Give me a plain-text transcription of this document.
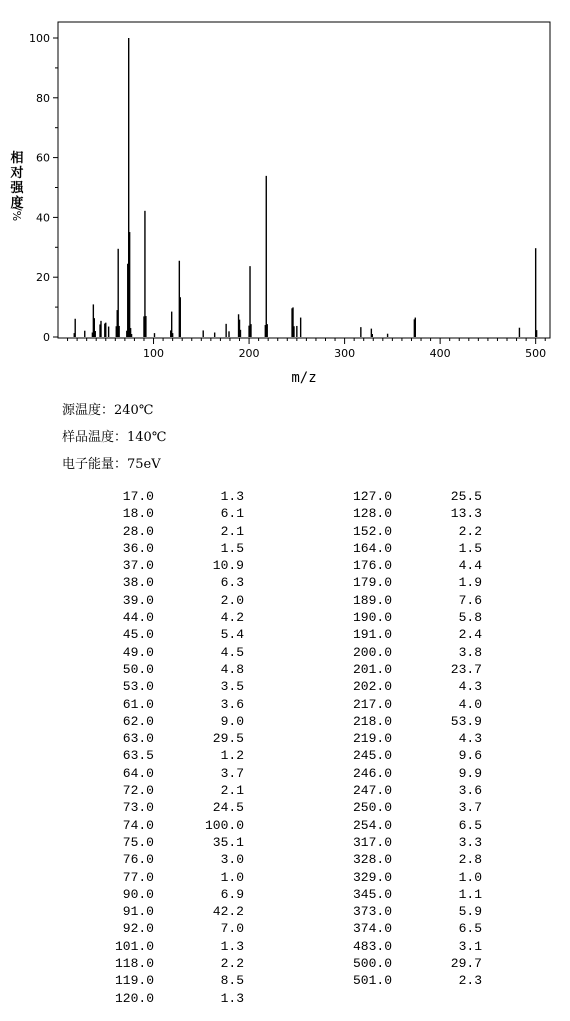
0
20
40
60
80
100
100	200	300	400	500
m/z
相
对
强
度
%/
源温度：240℃
样品温度：140℃
电子能量：75eV
17.0	1.3
18.0	6.1
28.0	2.1
36.0	1.5
37.0	10.9
38.0	6.3
39.0	2.0
44.0	4.2
45.0	5.4
49.0	4.5
50.0	4.8
53.0	3.5
61.0	3.6
62.0	9.0
63.0	29.5
63.5	1.2
64.0	3.7
72.0	2.1
73.0	24.5
74.0	100.0
75.0	35.1
76.0	3.0
77.0	1.0
90.0	6.9
91.0	42.2
92.0	7.0
101.0	1.3
118.0	2.2
119.0	8.5
120.0	1.3
127.0	25.5
128.0	13.3
152.0	2.2
164.0	1.5
176.0	4.4
179.0	1.9
189.0	7.6
190.0	5.8
191.0	2.4
200.0	3.8
201.0	23.7
202.0	4.3
217.0	4.0
218.0	53.9
219.0	4.3
245.0	9.6
246.0	9.9
247.0	3.6
250.0	3.7
254.0	6.5
317.0	3.3
328.0	2.8
329.0	1.0
345.0	1.1
373.0	5.9
374.0	6.5
483.0	3.1
500.0	29.7
501.0	2.3
